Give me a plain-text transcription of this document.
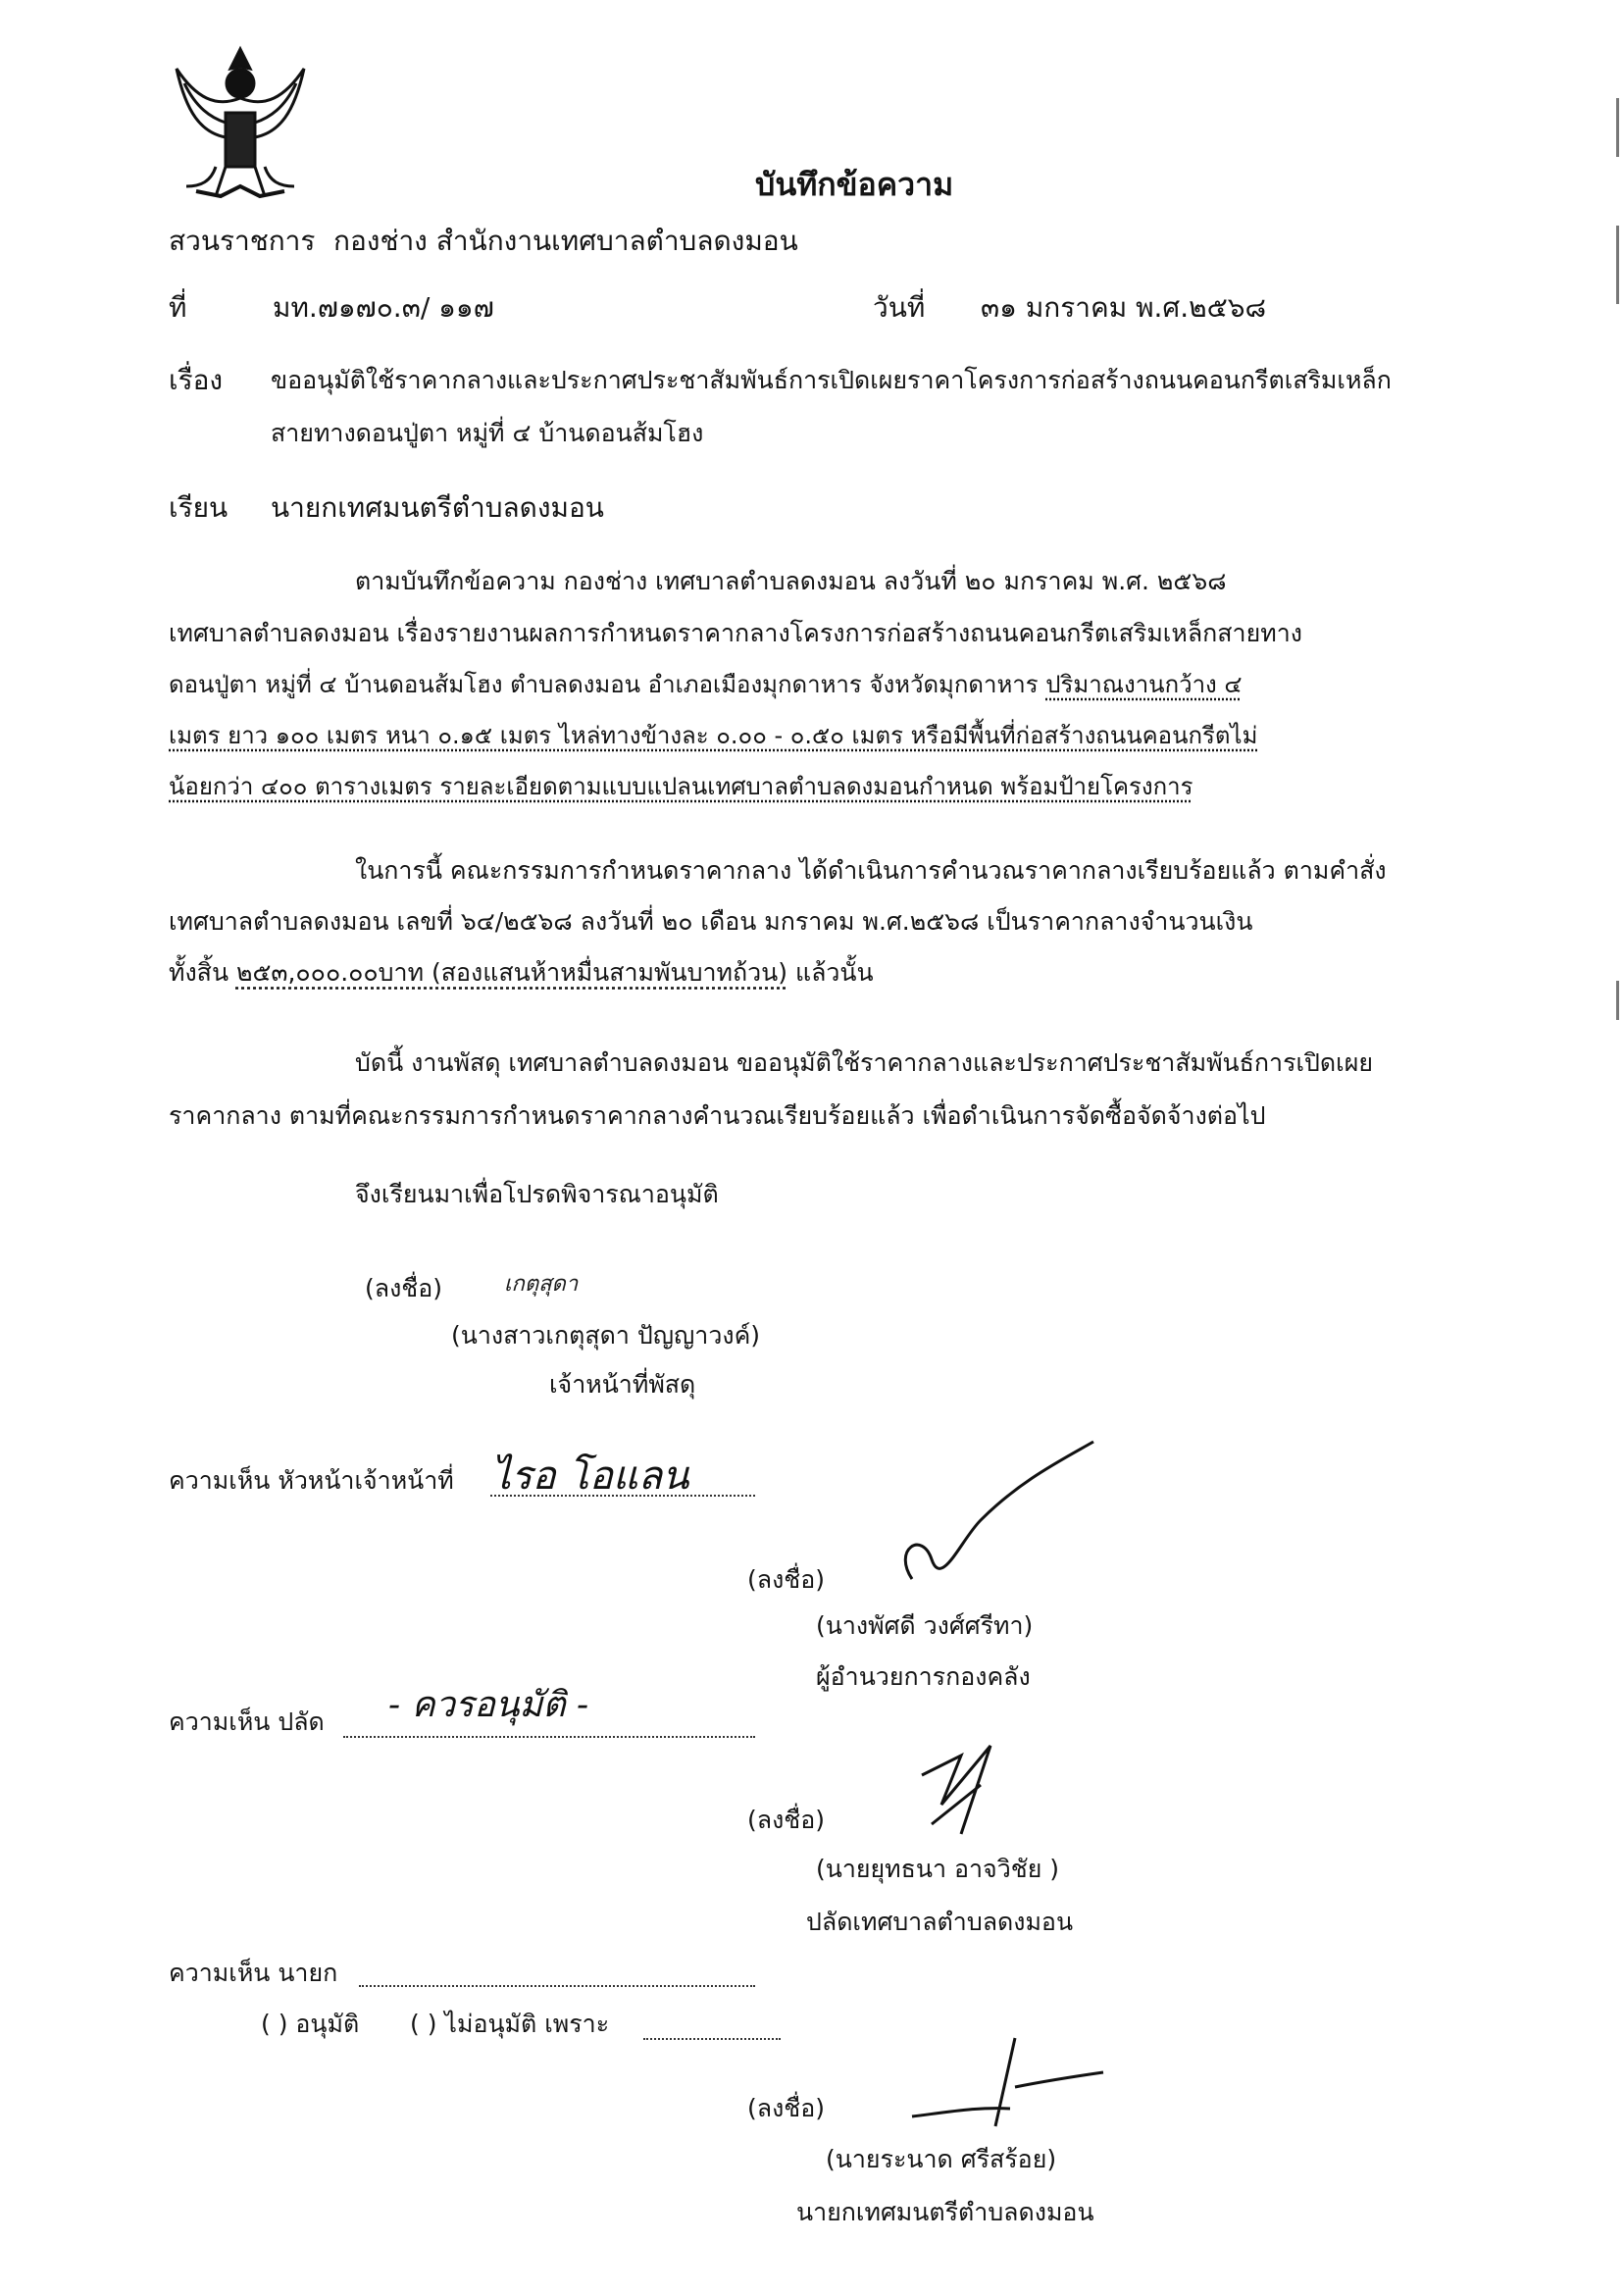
บันทึกข้อความ
สวนราชการ กองช่าง สำนักงานเทศบาลตำบลดงมอน
ที่	มท.๗๑๗๐.๓/ ๑๑๗	วันที่ ๓๑ มกราคม พ.ศ.๒๕๖๘
เรื่อง ขออนุมัติใช้ราคากลางและประกาศประชาสัมพันธ์การเปิดเผยราคาโครงการก่อสร้างถนนคอนกรีตเสริมเหล็ก
สายทางดอนปู่ตา หมู่ที่ ๔ บ้านดอนส้มโฮง
เรียน นายกเทศมนตรีตำบลดงมอน
ตามบันทึกข้อความ กองช่าง เทศบาลตำบลดงมอน ลงวันที่ ๒๐ มกราคม พ.ศ. ๒๕๖๘
เทศบาลตำบลดงมอน เรื่องรายงานผลการกำหนดราคากลางโครงการก่อสร้างถนนคอนกรีตเสริมเหล็กสายทาง
ดอนปู่ตา หมู่ที่ ๔ บ้านดอนส้มโฮง ตำบลดงมอน อำเภอเมืองมุกดาหาร จังหวัดมุกดาหาร ปริมาณงานกว้าง ๔
เมตร ยาว ๑๐๐ เมตร หนา ๐.๑๕ เมตร ไหล่ทางข้างละ ๐.๐๐ - ๐.๕๐ เมตร หรือมีพื้นที่ก่อสร้างถนนคอนกรีตไม่
น้อยกว่า ๔๐๐ ตารางเมตร รายละเอียดตามแบบแปลนเทศบาลตำบลดงมอนกำหนด พร้อมป้ายโครงการ
ในการนี้ คณะกรรมการกำหนดราคากลาง ได้ดำเนินการคำนวณราคากลางเรียบร้อยแล้ว ตามคำสั่ง
เทศบาลตำบลดงมอน เลขที่ ๖๔/๒๕๖๘ ลงวันที่ ๒๐ เดือน มกราคม พ.ศ.๒๕๖๘ เป็นราคากลางจำนวนเงิน
ทั้งสิ้น ๒๕๓,๐๐๐.๐๐บาท (สองแสนห้าหมื่นสามพันบาทถ้วน) แล้วนั้น
บัดนี้ งานพัสดุ เทศบาลตำบลดงมอน ขออนุมัติใช้ราคากลางและประกาศประชาสัมพันธ์การเปิดเผย
ราคากลาง ตามที่คณะกรรมการกำหนดราคากลางคำนวณเรียบร้อยแล้ว เพื่อดำเนินการจัดซื้อจัดจ้างต่อไป
จึงเรียนมาเพื่อโปรดพิจารณาอนุมัติ
(ลงชื่อ)	เกตุสุดา
(นางสาวเกตุสุดา ปัญญาวงค์)
เจ้าหน้าที่พัสดุ
ความเห็น หัวหน้าเจ้าหน้าที่ ไรอ โอแลน
(ลงชื่อ)
(นางพัศดี วงศ์ศรีทา)
ผู้อำนวยการกองคลัง
ความเห็น ปลัด - ควรอนุมัติ -
(ลงชื่อ)
(นายยุทธนา อาจวิชัย )
ปลัดเทศบาลตำบลดงมอน
ความเห็น นายก
( ) อนุมัติ ( ) ไม่อนุมัติ เพราะ
(ลงชื่อ)
(นายระนาด ศรีสร้อย)
นายกเทศมนตรีตำบลดงมอน
